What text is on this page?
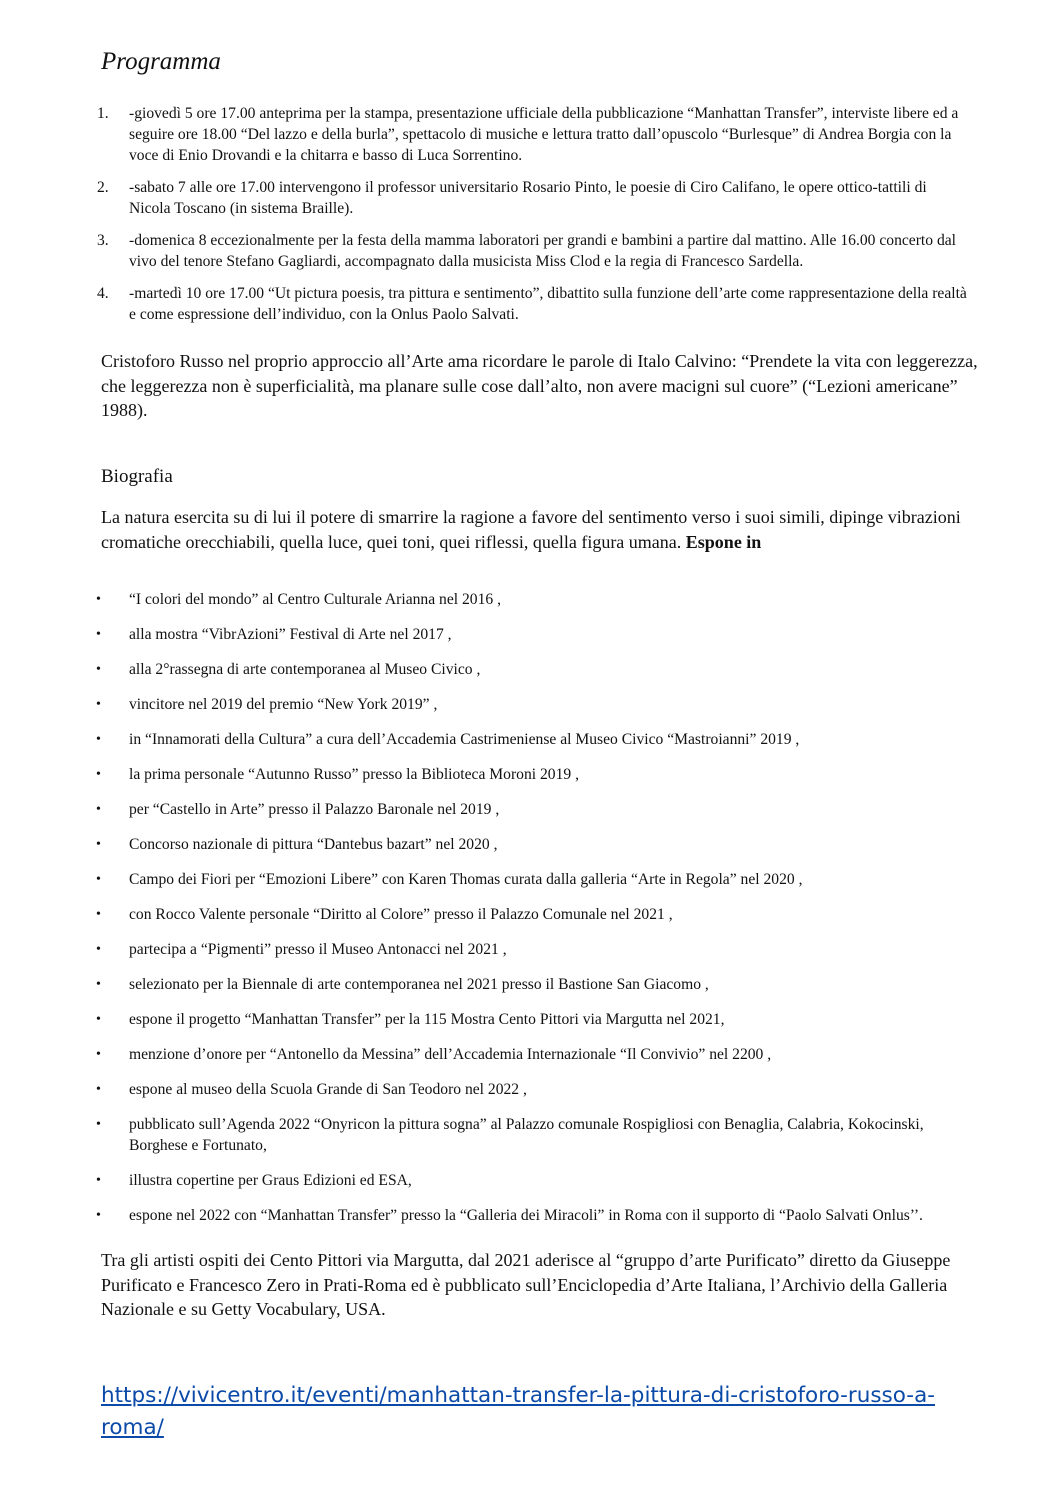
Programma
1. -giovedì 5 ore 17.00 anteprima per la stampa, presentazione ufficiale della pubblicazione “Manhattan Transfer”, interviste libere ed a seguire ore 18.00 “Del lazzo e della burla”, spettacolo di musiche e lettura tratto dall’opuscolo “Burlesque” di Andrea Borgia con la voce di Enio Drovandi e la chitarra e basso di Luca Sorrentino.
2. -sabato 7 alle ore 17.00 intervengono il professor universitario Rosario Pinto, le poesie di Ciro Califano, le opere ottico-tattili di Nicola Toscano (in sistema Braille).
3. -domenica 8 eccezionalmente per la festa della mamma laboratori per grandi e bambini a partire dal mattino. Alle 16.00 concerto dal vivo del tenore Stefano Gagliardi, accompagnato dalla musicista Miss Clod e la regia di Francesco Sardella.
4. -martedì 10 ore 17.00 “Ut pictura poesis, tra pittura e sentimento”, dibattito sulla funzione dell’arte come rappresentazione della realtà e come espressione dell’individuo, con la Onlus Paolo Salvati.

Cristoforo Russo nel proprio approccio all’Arte ama ricordare le parole di Italo Calvino: “Prendete la vita con leggerezza, che leggerezza non è superficialità, ma planare sulle cose dall’alto, non avere macigni sul cuore” (“Lezioni americane” 1988).

Biografia

La natura esercita su di lui il potere di smarrire la ragione a favore del sentimento verso i suoi simili, dipinge vibrazioni cromatiche orecchiabili, quella luce, quei toni, quei riflessi, quella figura umana. Espone in

• “I colori del mondo” al Centro Culturale Arianna nel 2016 ,
• alla mostra “VibrAzioni” Festival di Arte nel 2017 ,
• alla 2°rassegna di arte contemporanea al Museo Civico ,
• vincitore nel 2019 del premio “New York 2019” ,
• in “Innamorati della Cultura” a cura dell’Accademia Castrimeniense al Museo Civico “Mastroianni” 2019 ,
• la prima personale “Autunno Russo” presso la Biblioteca Moroni 2019 ,
• per “Castello in Arte” presso il Palazzo Baronale nel 2019 ,
• Concorso nazionale di pittura “Dantebus bazart” nel 2020 ,
• Campo dei Fiori per “Emozioni Libere” con Karen Thomas curata dalla galleria “Arte in Regola” nel 2020 ,
• con Rocco Valente personale “Diritto al Colore” presso il Palazzo Comunale nel 2021 ,
• partecipa a “Pigmenti” presso il Museo Antonacci nel 2021 ,
• selezionato per la Biennale di arte contemporanea nel 2021 presso il Bastione San Giacomo ,
• espone il progetto “Manhattan Transfer” per la 115 Mostra Cento Pittori via Margutta nel 2021,
• menzione d’onore per “Antonello da Messina” dell’Accademia Internazionale “Il Convivio” nel 2200 ,
• espone al museo della Scuola Grande di San Teodoro nel 2022 ,
• pubblicato sull’Agenda 2022 “Onyricon la pittura sogna” al Palazzo comunale Rospigliosi con Benaglia, Calabria, Kokocinski, Borghese e Fortunato,
• illustra copertine per Graus Edizioni ed ESA,
• espone nel 2022 con “Manhattan Transfer” presso la “Galleria dei Miracoli” in Roma con il supporto di “Paolo Salvati Onlus’’.

Tra gli artisti ospiti dei Cento Pittori via Margutta, dal 2021 aderisce al “gruppo d’arte Purificato” diretto da Giuseppe Purificato e Francesco Zero in Prati-Roma ed è pubblicato sull’Enciclopedia d’Arte Italiana, l’Archivio della Galleria Nazionale e su Getty Vocabulary, USA.

https://vivicentro.it/eventi/manhattan-transfer-la-pittura-di-cristoforo-russo-a-roma/
